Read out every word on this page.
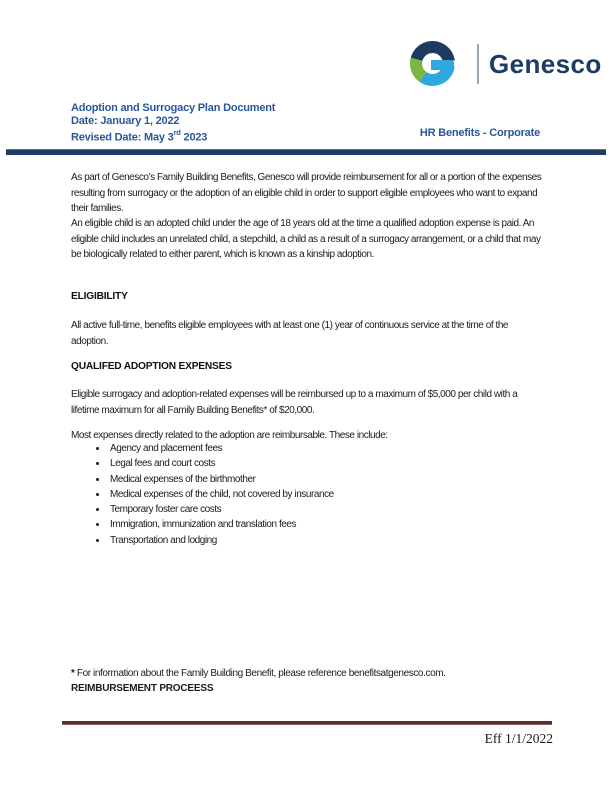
Genesco
Adoption and Surrogacy Plan Document
Date: January 1, 2022
Revised Date: May 3rd 2023	HR Benefits - Corporate
As part of Genesco’s Family Building Benefits, Genesco will provide reimbursement for all or a portion of the expenses resulting from surrogacy or the adoption of an eligible child in order to support eligible employees who want to expand their families.
An eligible child is an adopted child under the age of 18 years old at the time a qualified adoption expense is paid. An eligible child includes an unrelated child, a stepchild, a child as a result of a surrogacy arrangement, or a child that may be biologically related to either parent, which is known as a kinship adoption.
ELIGIBILITY
All active full-time, benefits eligible employees with at least one (1) year of continuous service at the time of the adoption.
QUALIFED ADOPTION EXPENSES
Eligible surrogacy and adoption-related expenses will be reimbursed up to a maximum of $5,000 per child with a lifetime maximum for all Family Building Benefits* of $20,000.
Most expenses directly related to the adoption are reimbursable. These include:
• Agency and placement fees
• Legal fees and court costs
• Medical expenses of the birthmother
• Medical expenses of the child, not covered by insurance
• Temporary foster care costs
• Immigration, immunization and translation fees
• Transportation and lodging
* For information about the Family Building Benefit, please reference benefitsatgenesco.com.
REIMBURSEMENT PROCEESS
Eff 1/1/2022
